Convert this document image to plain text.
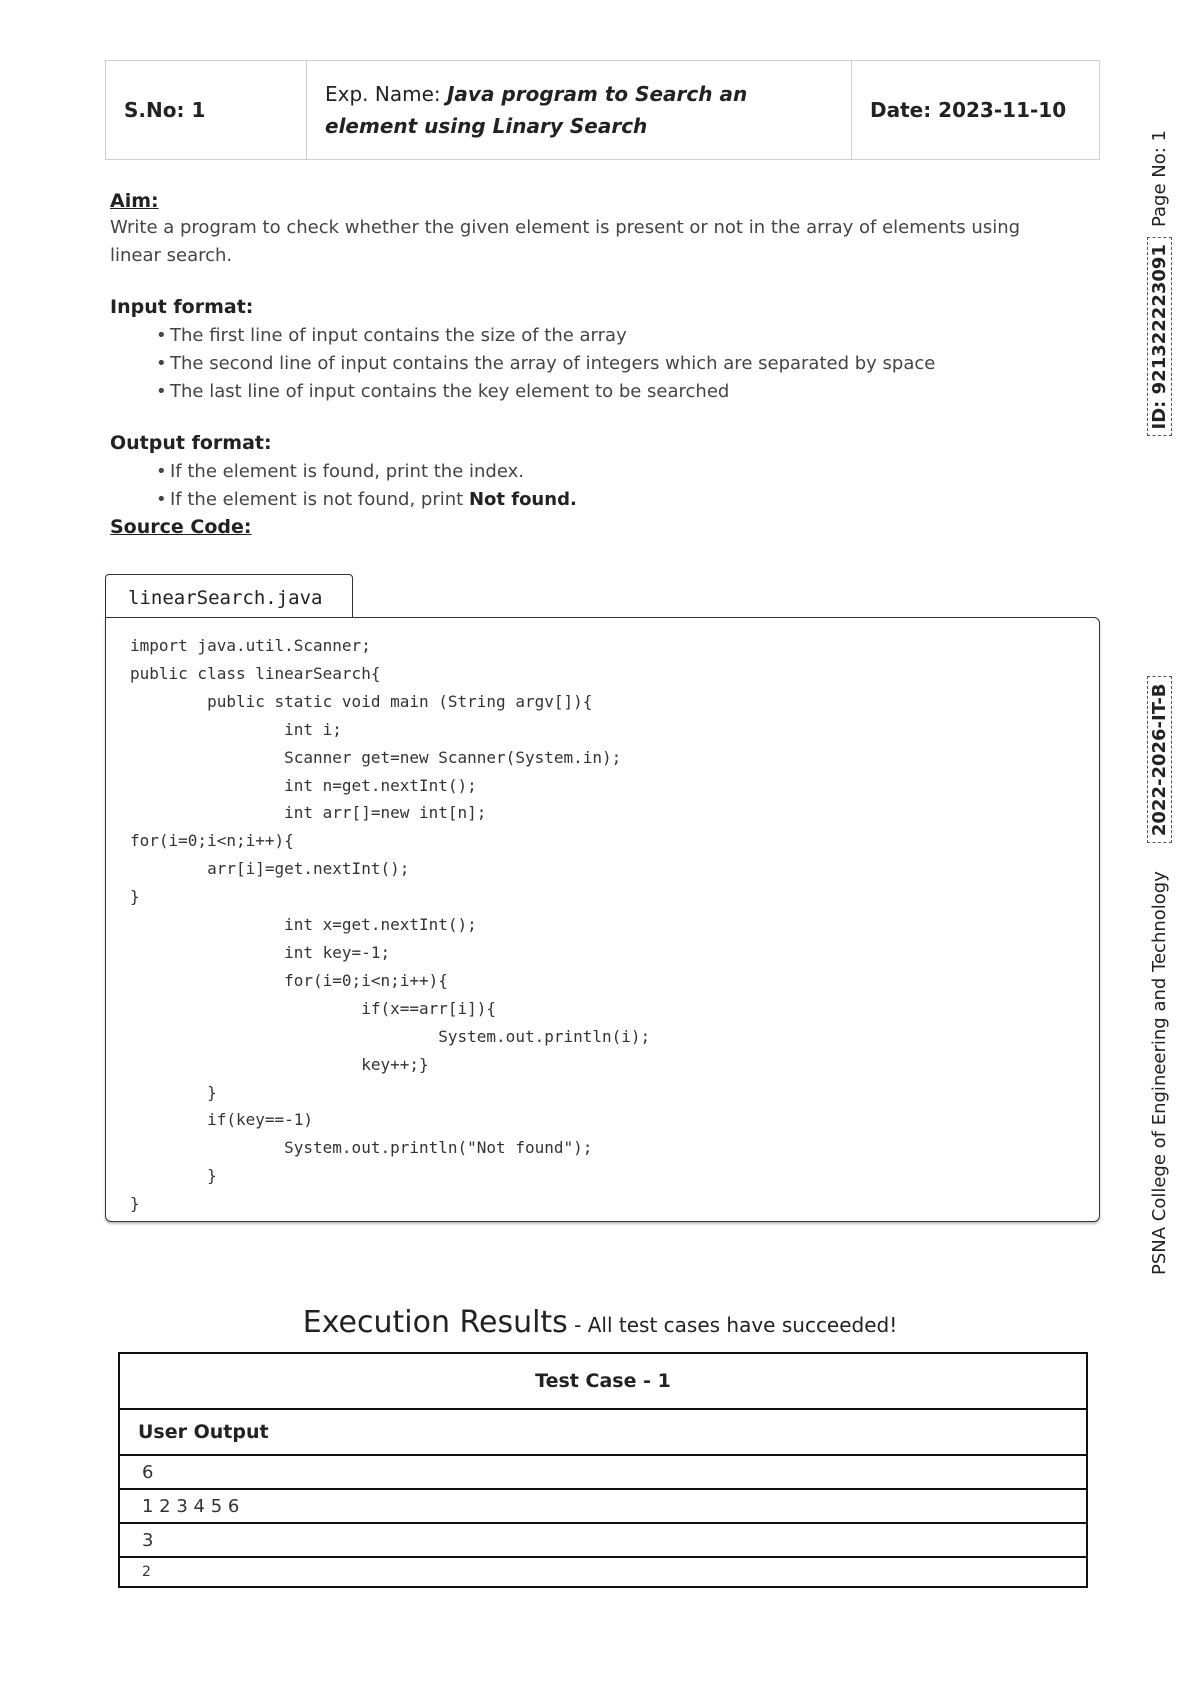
S.No: 1
Exp. Name: Java program to Search an element using Linary Search
Date: 2023-11-10

Aim:

Write a program to check whether the given element is present or not in the array of elements using linear search.

Input format:

• The first line of input contains the size of the array
• The second line of input contains the array of integers which are separated by space
• The last line of input contains the key element to be searched

Output format:

• If the element is found, print the index.
• If the element is not found, print Not found.

Source Code:

linearSearch.java
import java.util.Scanner;
public class linearSearch{
public static void main (String argv[]){
int i;
Scanner get=new Scanner(System.in);
int n=get.nextInt();
int arr[]=new int[n];
for(i=0;i<n;i++){
arr[i]=get.nextInt();
}
int x=get.nextInt();
int key=-1;
for(i=0;i<n;i++){
if(x==arr[i]){
System.out.println(i);
key++;}
}
if(key==-1)
System.out.println("Not found");
}
}
Execution Results - All test cases have succeeded!
Test Case - 1
User Output
6
1 2 3 4 5 6
3
2
PSNA College of Engineering and Technology
2022-2026-IT-B
ID: 921322223091
Page No: 1
